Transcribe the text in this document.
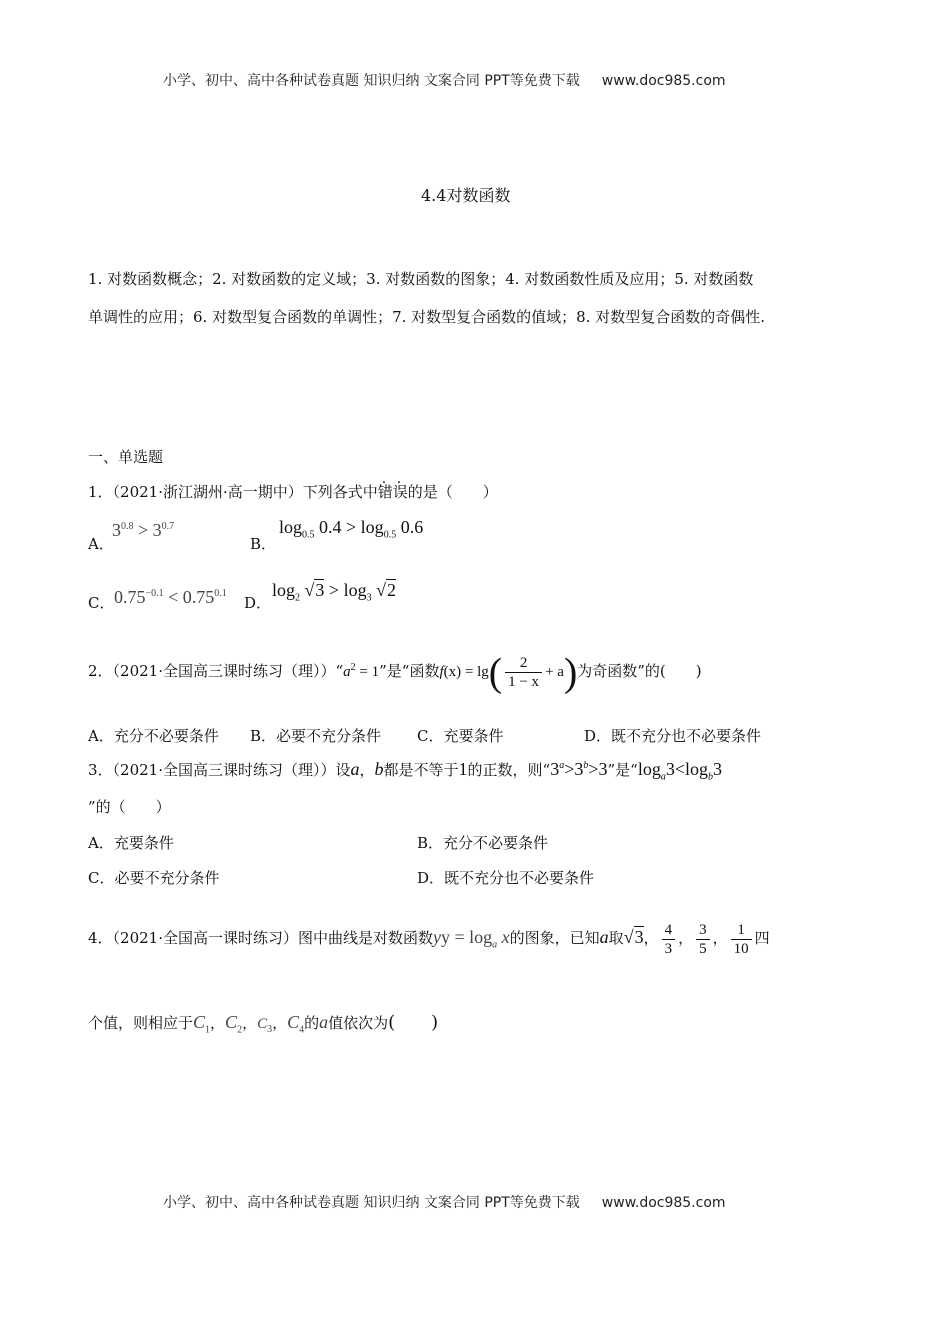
小学、初中、高中各种试卷真题 知识归纳 文案合同 PPT等免费下载 www.doc985.com
4.4对数函数
1. 对数函数概念；2. 对数函数的定义域；3. 对数函数的图象；4. 对数函数性质及应用；5. 对数函数
单调性的应用；6. 对数型复合函数的单调性；7. 对数型复合函数的值域；8. 对数型复合函数的奇偶性.
一、单选题
1．（2021·浙江湖州·高一期中）下列各式中错误的是（　　）
A．
$3^{0.8} > 3^{0.7}$
B．
$\log_{0.5} 0.4 > \log_{0.5} 0.6$
C． $0.75^{-0.1} < 0.75^{0.1}$
D．
$\log_2 √3 > \log_3 √2$
2．（2021·全国高三课时练习（理））“$a^2 = 1$”是“函数$f(x) = \lg( \frac{2}{1 - x} + a)$为奇函数”的(　　)
A．充分不必要条件 B．必要不充分条件 C．充要条件	D．既不充分也不必要条件
3．（2021·全国高三课时练习（理））设a，b都是不等于1的正数，则“$3^a>3^b>3$”是“$\log_a3<\log_b3$
”的（　　）
A．充要条件	B．充分不必要条件
C．必要不充分条件	D．既不充分也不必要条件
4．（2021·全国高一课时练习）图中曲线是对数函数yy = $\log_a x$的图象，已知a取√3， $\frac{4}{3}$ ， $\frac{3}{5}$ ， $\frac{1}{10}$ 四
个值，则相应于$C_1$，$C_2$，$C_3$，$C_4$的a值依次为(　　)
小学、初中、高中各种试卷真题 知识归纳 文案合同 PPT等免费下载 www.doc985.com
